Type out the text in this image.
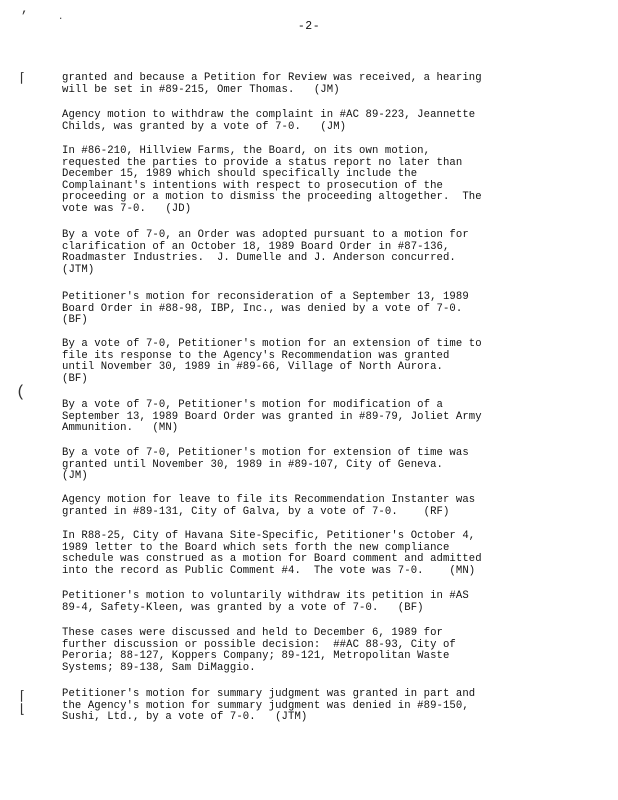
’	·
-2-
⌈
(
⌈
⌊
granted and because a Petition for Review was received, a hearing
will be set in #89-215, Omer Thomas.   (JM)
Agency motion to withdraw the complaint in #AC 89-223, Jeannette
Childs, was granted by a vote of 7-0.   (JM)
In #86-210, Hillview Farms, the Board, on its own motion,
requested the parties to provide a status report no later than
December 15, 1989 which should specifically include the
Complainant's intentions with respect to prosecution of the
proceeding or a motion to dismiss the proceeding altogether.  The
vote was 7-0.   (JD)
By a vote of 7-0, an Order was adopted pursuant to a motion for
clarification of an October 18, 1989 Board Order in #87-136,
Roadmaster Industries.  J. Dumelle and J. Anderson concurred.
(JTM)
Petitioner's motion for reconsideration of a September 13, 1989
Board Order in #88-98, IBP, Inc., was denied by a vote of 7-0.
(BF)
By a vote of 7-0, Petitioner's motion for an extension of time to
file its response to the Agency's Recommendation was granted
until November 30, 1989 in #89-66, Village of North Aurora.
(BF)
By a vote of 7-0, Petitioner's motion for modification of a
September 13, 1989 Board Order was granted in #89-79, Joliet Army
Ammunition.   (MN)
By a vote of 7-0, Petitioner's motion for extension of time was
granted until November 30, 1989 in #89-107, City of Geneva.
(JM)
Agency motion for leave to file its Recommendation Instanter was
granted in #89-131, City of Galva, by a vote of 7-0.    (RF)
In R88-25, City of Havana Site-Specific, Petitioner's October 4,
1989 letter to the Board which sets forth the new compliance
schedule was construed as a motion for Board comment and admitted
into the record as Public Comment #4.  The vote was 7-0.    (MN)
Petitioner's motion to voluntarily withdraw its petition in #AS
89-4, Safety-Kleen, was granted by a vote of 7-0.   (BF)
These cases were discussed and held to December 6, 1989 for
further discussion or possible decision:  ##AC 88-93, City of
Peroria; 88-127, Koppers Company; 89-121, Metropolitan Waste
Systems; 89-138, Sam DiMaggio.
Petitioner's motion for summary judgment was granted in part and
the Agency's motion for summary judgment was denied in #89-150,
Sushi, Ltd., by a vote of 7-0.   (JTM)
